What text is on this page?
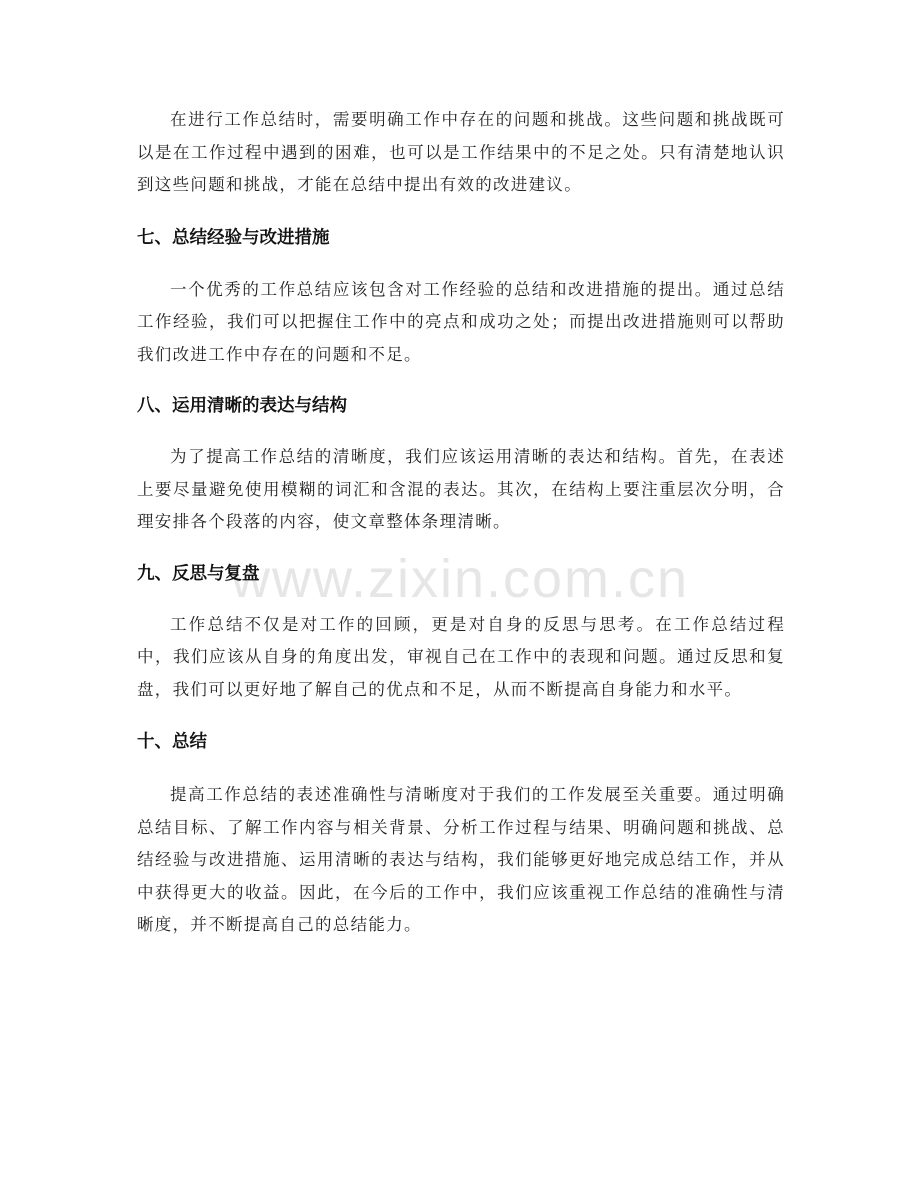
www.zixin.com.cn

在进行工作总结时，需要明确工作中存在的问题和挑战。这些问题和挑战既可以是在工作过程中遇到的困难，也可以是工作结果中的不足之处。只有清楚地认识到这些问题和挑战，才能在总结中提出有效的改进建议。

七、总结经验与改进措施

一个优秀的工作总结应该包含对工作经验的总结和改进措施的提出。通过总结工作经验，我们可以把握住工作中的亮点和成功之处；而提出改进措施则可以帮助我们改进工作中存在的问题和不足。

八、运用清晰的表达与结构

为了提高工作总结的清晰度，我们应该运用清晰的表达和结构。首先，在表述上要尽量避免使用模糊的词汇和含混的表达。其次，在结构上要注重层次分明，合理安排各个段落的内容，使文章整体条理清晰。

九、反思与复盘

工作总结不仅是对工作的回顾，更是对自身的反思与思考。在工作总结过程中，我们应该从自身的角度出发，审视自己在工作中的表现和问题。通过反思和复盘，我们可以更好地了解自己的优点和不足，从而不断提高自身能力和水平。

十、总结

提高工作总结的表述准确性与清晰度对于我们的工作发展至关重要。通过明确总结目标、了解工作内容与相关背景、分析工作过程与结果、明确问题和挑战、总结经验与改进措施、运用清晰的表达与结构，我们能够更好地完成总结工作，并从中获得更大的收益。因此，在今后的工作中，我们应该重视工作总结的准确性与清晰度，并不断提高自己的总结能力。
